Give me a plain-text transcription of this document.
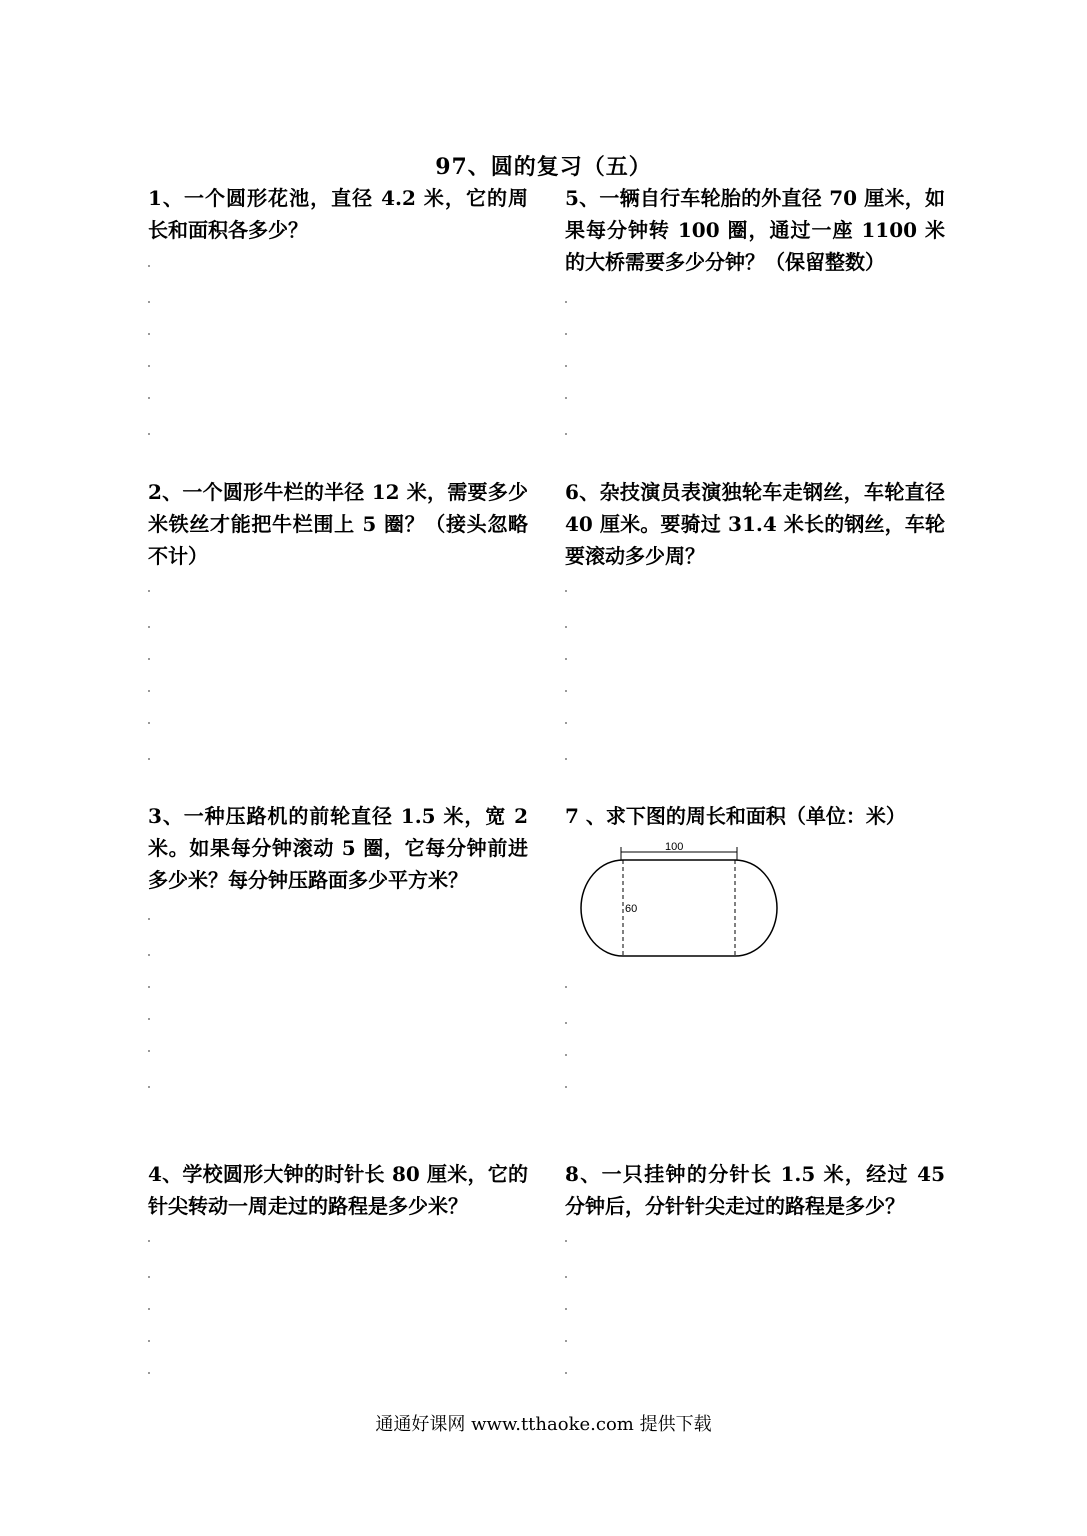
97、圆的复习（五）
1、一个圆形花池，直径 4.2 米，它的周长和面积各多少？
2、一个圆形牛栏的半径 12 米，需要多少米铁丝才能把牛栏围上 5 圈？（接头忽略不计）
3、一种压路机的前轮直径 1.5 米，宽 2 米。如果每分钟滚动 5 圈，它每分钟前进多少米？每分钟压路面多少平方米？
4、学校圆形大钟的时针长 80 厘米，它的针尖转动一周走过的路程是多少米？
5、一辆自行车轮胎的外直径 70 厘米，如果每分钟转 100 圈，通过一座 1100 米的大桥需要多少分钟？（保留整数）
6、杂技演员表演独轮车走钢丝，车轮直径 40 厘米。要骑过 31.4 米长的钢丝，车轮要滚动多少周？
7 、求下图的周长和面积（单位：米）
8、一只挂钟的分针长 1.5 米，经过 45 分钟后，分针针尖走过的路程是多少？
100
60
通通好课网 www.tthaoke.com 提供下载
